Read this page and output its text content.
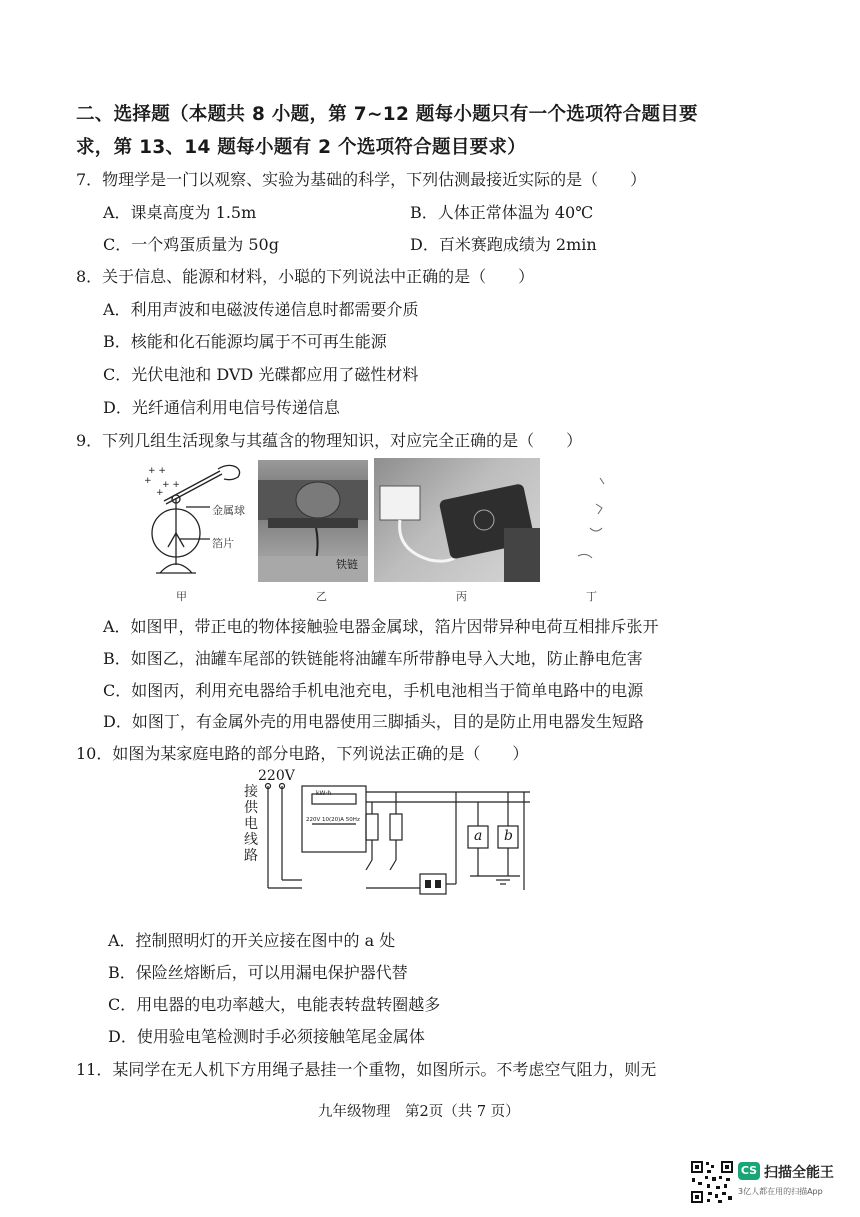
二、选择题（本题共 8 小题，第 7~12 题每小题只有一个选项符合题目要
求，第 13、14 题每小题有 2 个选项符合题目要求）
7．物理学是一门以观察、实验为基础的科学，下列估测最接近实际的是（　　）
A．课桌高度为 1.5m	B．人体正常体温为 40℃
C．一个鸡蛋质量为 50g	D．百米赛跑成绩为 2min
8．关于信息、能源和材料，小聪的下列说法中正确的是（　　）
A．利用声波和电磁波传递信息时都需要介质
B．核能和化石能源均属于不可再生能源
C．光伏电池和 DVD 光碟都应用了磁性材料
D．光纤通信利用电信号传递信息
9．下列几组生活现象与其蕴含的物理知识，对应完全正确的是（　　）
+ +
+ + +
+
金属球
箔片
铁链
甲	乙	丙	丁
A．如图甲，带正电的物体接触验电器金属球，箔片因带异种电荷互相排斥张开
B．如图乙，油罐车尾部的铁链能将油罐车所带静电导入大地，防止静电危害
C．如图丙，利用充电器给手机电池充电，手机电池相当于简单电路中的电源
D．如图丁，有金属外壳的用电器使用三脚插头，目的是防止用电器发生短路
10．如图为某家庭电路的部分电路，下列说法正确的是（　　）
220V
接
供
电
线
路
kW·h
220V 10(20)A 50Hz
a b
A．控制照明灯的开关应接在图中的 a 处
B．保险丝熔断后，可以用漏电保护器代替
C．用电器的电功率越大，电能表转盘转圈越多
D．使用验电笔检测时手必须接触笔尾金属体
11．某同学在无人机下方用绳子悬挂一个重物，如图所示。不考虑空气阻力，则无
九年级物理　第2页（共 7 页）
CS 扫描全能王
3亿人都在用的扫描App
